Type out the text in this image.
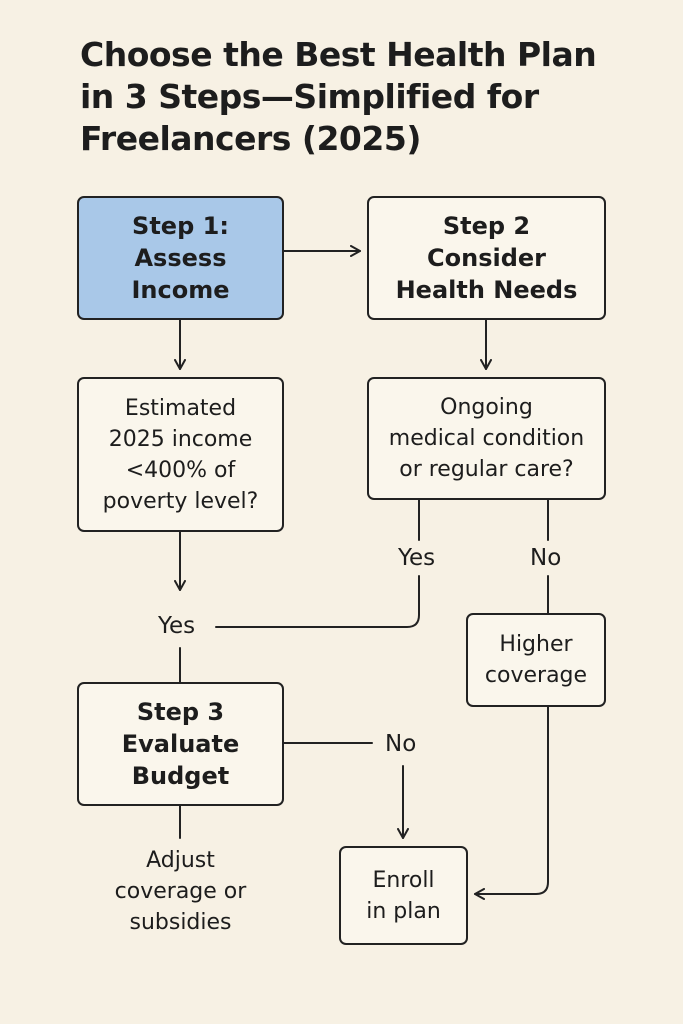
Choose the Best Health Plan
in 3 Steps—Simplified for
Freelancers (2025)
Step 1:
Assess
Income
Step 2
Consider
Health Needs
Estimated
2025 income
<400% of
poverty level?
Ongoing
medical condition
or regular care?
Yes	No
Yes
Higher
coverage
Step 3
Evaluate
Budget
No
Adjust
coverage or
subsidies
Enroll
in plan
